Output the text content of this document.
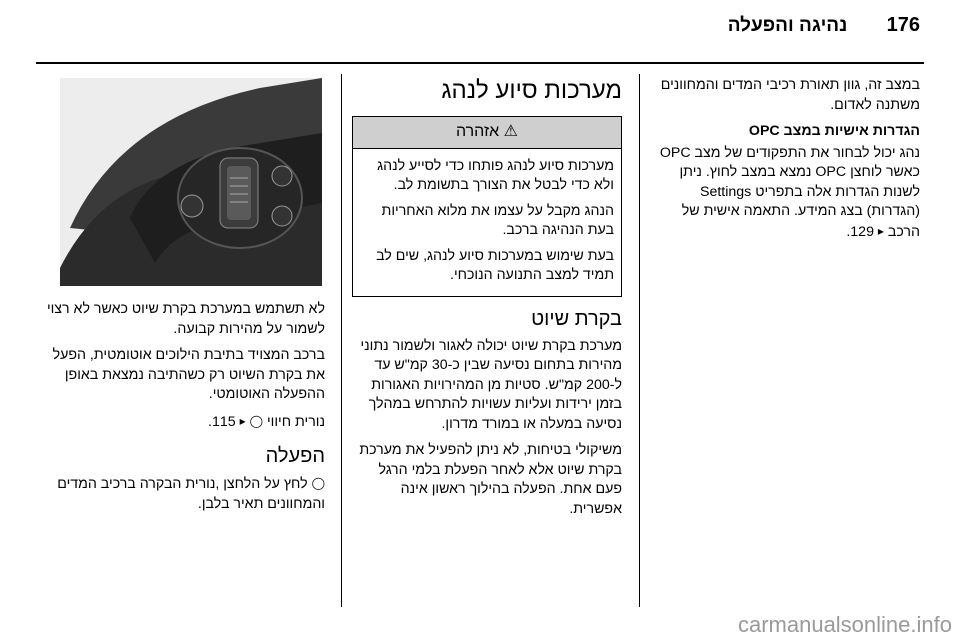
176 נהיגה והפעלה

במצב זה, גוון תאורת רכיבי המדים והמחוונים משתנה לאדום.

הגדרות אישיות במצב OPC

נהג יכול לבחור את התפקודים של מצב OPC כאשר לוחצן OPC נמצא במצב לחוץ. ניתן לשנות הגדרות אלה בתפריט Settings (הגדרות) בצג המידע. התאמה אישית של הרכב ▸ 129.

מערכות סיוע לנהג
⚠ אזהרה

מערכות סיוע לנהג פותחו כדי לסייע לנהג ולא כדי לבטל את הצורך בתשומת לב.

הנהג מקבל על עצמו את מלוא האחריות בעת הנהיגה ברכב.

בעת שימוש במערכות סיוע לנהג, שים לב תמיד למצב התנועה הנוכחי.

בקרת שיוט

מערכת בקרת שיוט יכולה לאגור ולשמור נתוני מהירות בתחום נסיעה שבין כ-30 קמ"ש עד ל-200 קמ"ש. סטיות מן המהירויות האגורות בזמן ירידות ועליות עשויות להתרחש במהלך נסיעה במעלה או במורד מדרון.

משיקולי בטיחות, לא ניתן להפעיל את מערכת בקרת שיוט אלא לאחר הפעלת בלמי הרגל פעם אחת. הפעלה בהילוך ראשון אינה אפשרית.

לא תשתמש במערכת בקרת שיוט כאשר לא רצוי לשמור על מהירות קבועה.

ברכב המצויד בתיבת הילוכים אוטומטית, הפעל את בקרת השיוט רק כשהתיבה נמצאת באופן ההפעלה האוטומטי.

נורית חיווי ◯ ▸ 115.

הפעלה

◯ לחץ על הלחצן ,נורית הבקרה ברכיב המדים והמחוונים תאיר בלבן.

carmanualsonline.info
